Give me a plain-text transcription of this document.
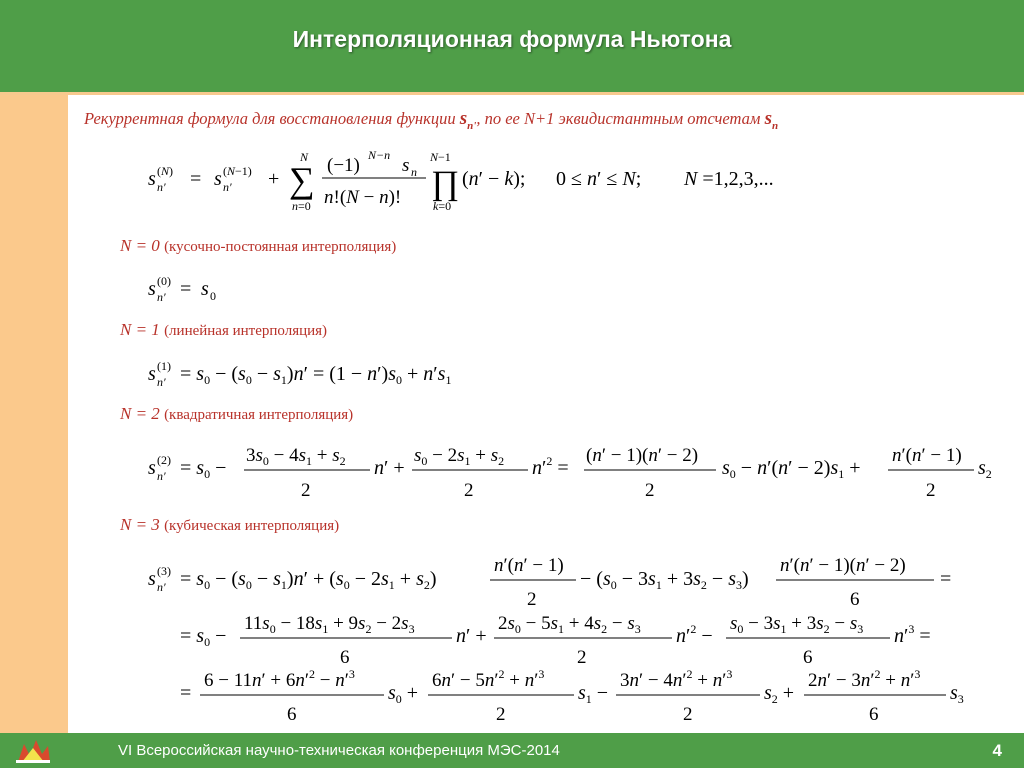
Интерполяционная формула Ньютона
Рекуррентная формула для восстановления функции $s_{n'}$, по ее N+1 эквидистантным отсчетам $s_n$
N = 0 (кусочно-постоянная интерполяция)
N = 1 (линейная интерполяция)
N = 2 (квадратичная интерполяция)
N = 3 (кубическая интерполяция)
s (N)
n′ = s (N−1)
n′ +
N
∑
n=0
(−1) N−n s n
n!(N − n)!
N−1
∏
k=0
(n′ − k); 0 ≤ n′ ≤ N; N =1,2,3,...
s (0)
n′ = s 0
s (1)
$n' = s_0 - (s_0 - s_1)n' = (1 - n')s_0 + n's_1$
s (2)
$n' = s_0$ −
$3s_0 - 4s_1 + s_2$
2
n′ +
$s_0 - 2s_1 + s_2$
2
$n'^2$ =
(n′ − 1)(n′ − 2)
2
$s_0 - n'(n' - 2)s_1$ +
n′(n′ − 1)
2
$s_2$
s (3)
$n' = s_0 - (s_0 - s_1)n' + (s_0 - 2s_1 + s_2)$
n′(n′ − 1)
2
− $(s_0 - 3s_1 + 3s_2 - s_3)$
n′(n′ − 1)(n′ − 2)
6
=
= $s_0$ −
$11s_0 - 18s_1 + 9s_2 - 2s_3$
6
n′ +
$2s_0 - 5s_1 + 4s_2 - s_3$
2
$n'^2$ −
$s_0 - 3s_1 + 3s_2 - s_3$
6
$n'^3$ =
=
$6 - 11n' + 6n'^2 - n'^3$
6
$s_0$ +
$6n' - 5n'^2 + n'^3$
2
$s_1$ −
$3n' - 4n'^2 + n'^3$
2
$s_2$ +
$2n' - 3n'^2 + n'^3$
6
$s_3$
VI Всероссийская научно-техническая конференция МЭС-2014	4
